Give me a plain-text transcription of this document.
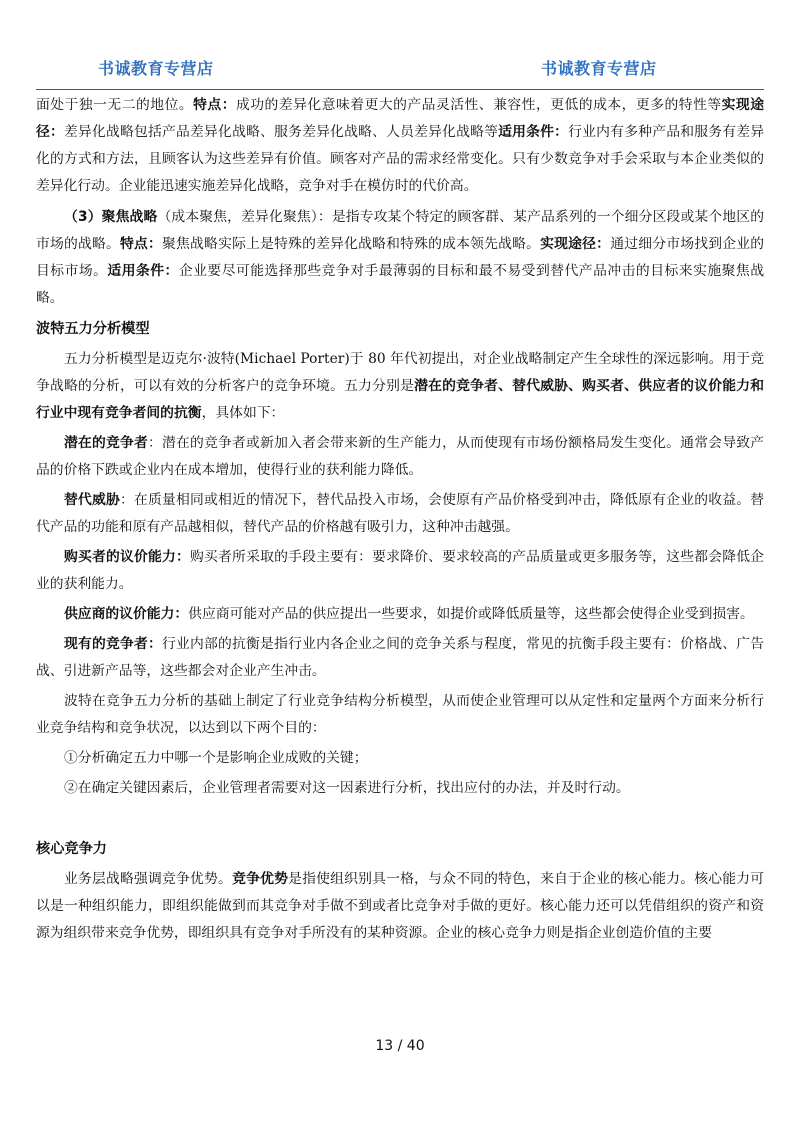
书诚教育专营店	书诚教育专营店

面处于独一无二的地位。特点：成功的差异化意味着更大的产品灵活性、兼容性，更低的成本，更多的特性等实现途径：差异化战略包括产品差异化战略、服务差异化战略、人员差异化战略等适用条件：行业内有多种产品和服务有差异化的方式和方法，且顾客认为这些差异有价值。顾客对产品的需求经常变化。只有少数竞争对手会采取与本企业类似的差异化行动。企业能迅速实施差异化战略，竞争对手在模仿时的代价高。

（3）聚焦战略（成本聚焦，差异化聚焦）：是指专攻某个特定的顾客群、某产品系列的一个细分区段或某个地区的市场的战略。特点：聚焦战略实际上是特殊的差异化战略和特殊的成本领先战略。实现途径：通过细分市场找到企业的目标市场。适用条件：企业要尽可能选择那些竞争对手最薄弱的目标和最不易受到替代产品冲击的目标来实施聚焦战略。

波特五力分析模型

五力分析模型是迈克尔·波特(Michael Porter)于 80 年代初提出，对企业战略制定产生全球性的深远影响。用于竞争战略的分析，可以有效的分析客户的竞争环境。五力分别是潜在的竞争者、替代威胁、购买者、供应者的议价能力和行业中现有竞争者间的抗衡，具体如下：

潜在的竞争者：潜在的竞争者或新加入者会带来新的生产能力，从而使现有市场份额格局发生变化。通常会导致产品的价格下跌或企业内在成本增加，使得行业的获利能力降低。

替代威胁：在质量相同或相近的情况下，替代品投入市场，会使原有产品价格受到冲击，降低原有企业的收益。替代产品的功能和原有产品越相似，替代产品的价格越有吸引力，这种冲击越强。

购买者的议价能力：购买者所采取的手段主要有：要求降价、要求较高的产品质量或更多服务等，这些都会降低企业的获利能力。

供应商的议价能力：供应商可能对产品的供应提出一些要求，如提价或降低质量等，这些都会使得企业受到损害。

现有的竞争者：行业内部的抗衡是指行业内各企业之间的竞争关系与程度，常见的抗衡手段主要有：价格战、广告战、引进新产品等，这些都会对企业产生冲击。

波特在竞争五力分析的基础上制定了行业竞争结构分析模型，从而使企业管理可以从定性和定量两个方面来分析行业竞争结构和竞争状况，以达到以下两个目的：

①分析确定五力中哪一个是影响企业成败的关键；

②在确定关键因素后，企业管理者需要对这一因素进行分析，找出应付的办法，并及时行动。

核心竞争力

业务层战略强调竞争优势。竞争优势是指使组织别具一格，与众不同的特色，来自于企业的核心能力。核心能力可以是一种组织能力，即组织能做到而其竞争对手做不到或者比竞争对手做的更好。核心能力还可以凭借组织的资产和资源为组织带来竞争优势，即组织具有竞争对手所没有的某种资源。企业的核心竞争力则是指企业创造价值的主要

13 / 40
